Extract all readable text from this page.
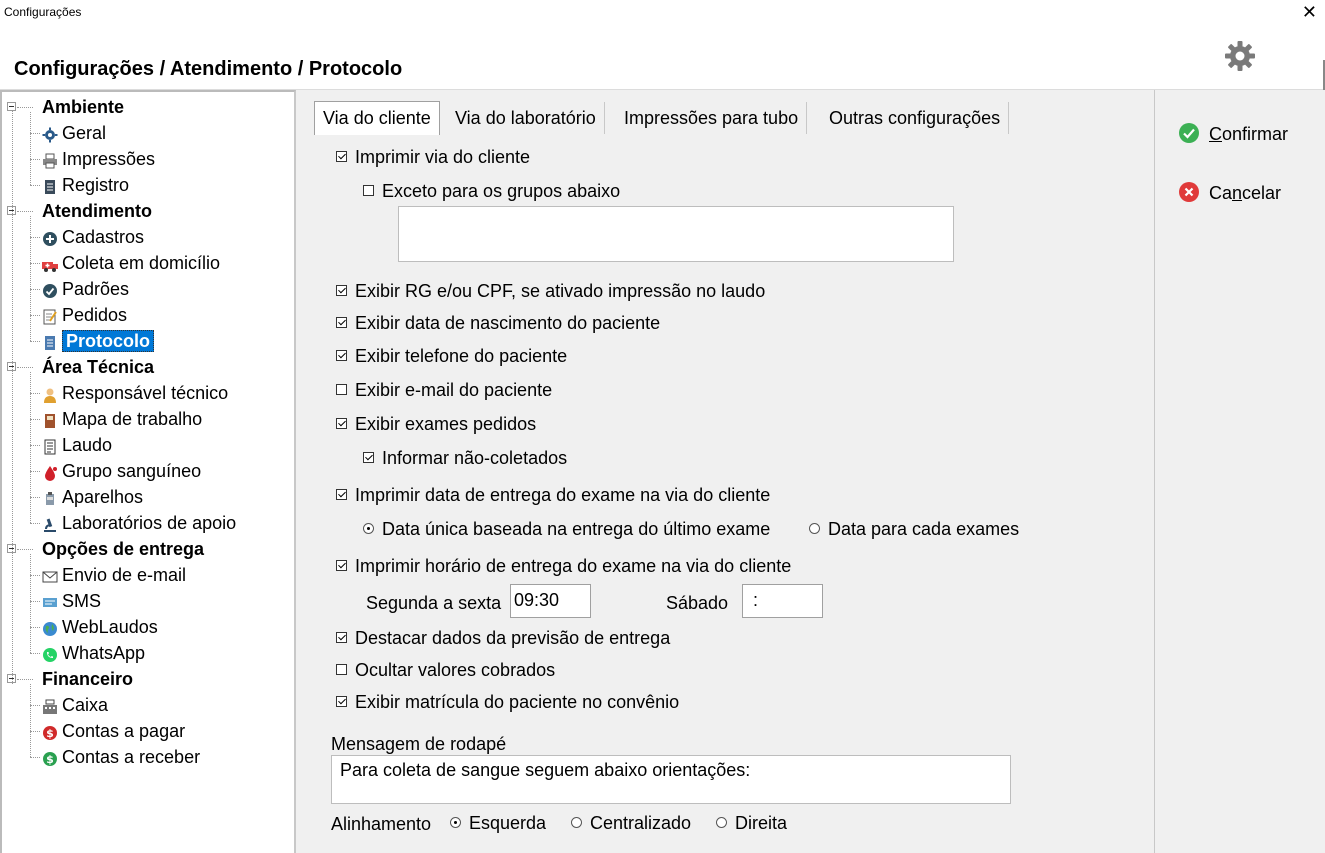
Configurações	✕
Configurações / Atendimento / Protocolo
Ambiente
Geral
Impressões
Registro
Atendimento
Cadastros
Coleta em domicílio
Padrões
Pedidos
Protocolo
Área Técnica
Responsável técnico
Mapa de trabalho
Laudo
Grupo sanguíneo
Aparelhos
Laboratórios de apoio
Opções de entrega
Envio de e-mail
SMS
WebLaudos
WhatsApp
Financeiro
Caixa
$ Contas a pagar
$ Contas a receber
Via do cliente	Via do laboratório	Impressões para tubo	Outras configurações
Imprimir via do cliente
Exceto para os grupos abaixo
Exibir RG e/ou CPF, se ativado impressão no laudo
Exibir data de nascimento do paciente
Exibir telefone do paciente
Exibir e-mail do paciente
Exibir exames pedidos
Informar não-coletados
Imprimir data de entrega do exame na via do cliente
Data única baseada na entrega do último exame	Data para cada exames
Imprimir horário de entrega do exame na via do cliente
Segunda a sexta 09:30	Sábado	:
Destacar dados da previsão de entrega
Ocultar valores cobrados
Exibir matrícula do paciente no convênio
Mensagem de rodapé
Para coleta de sangue seguem abaixo orientações:
Alinhamento	Esquerda	Centralizado	Direita
Confirmar
Cancelar
